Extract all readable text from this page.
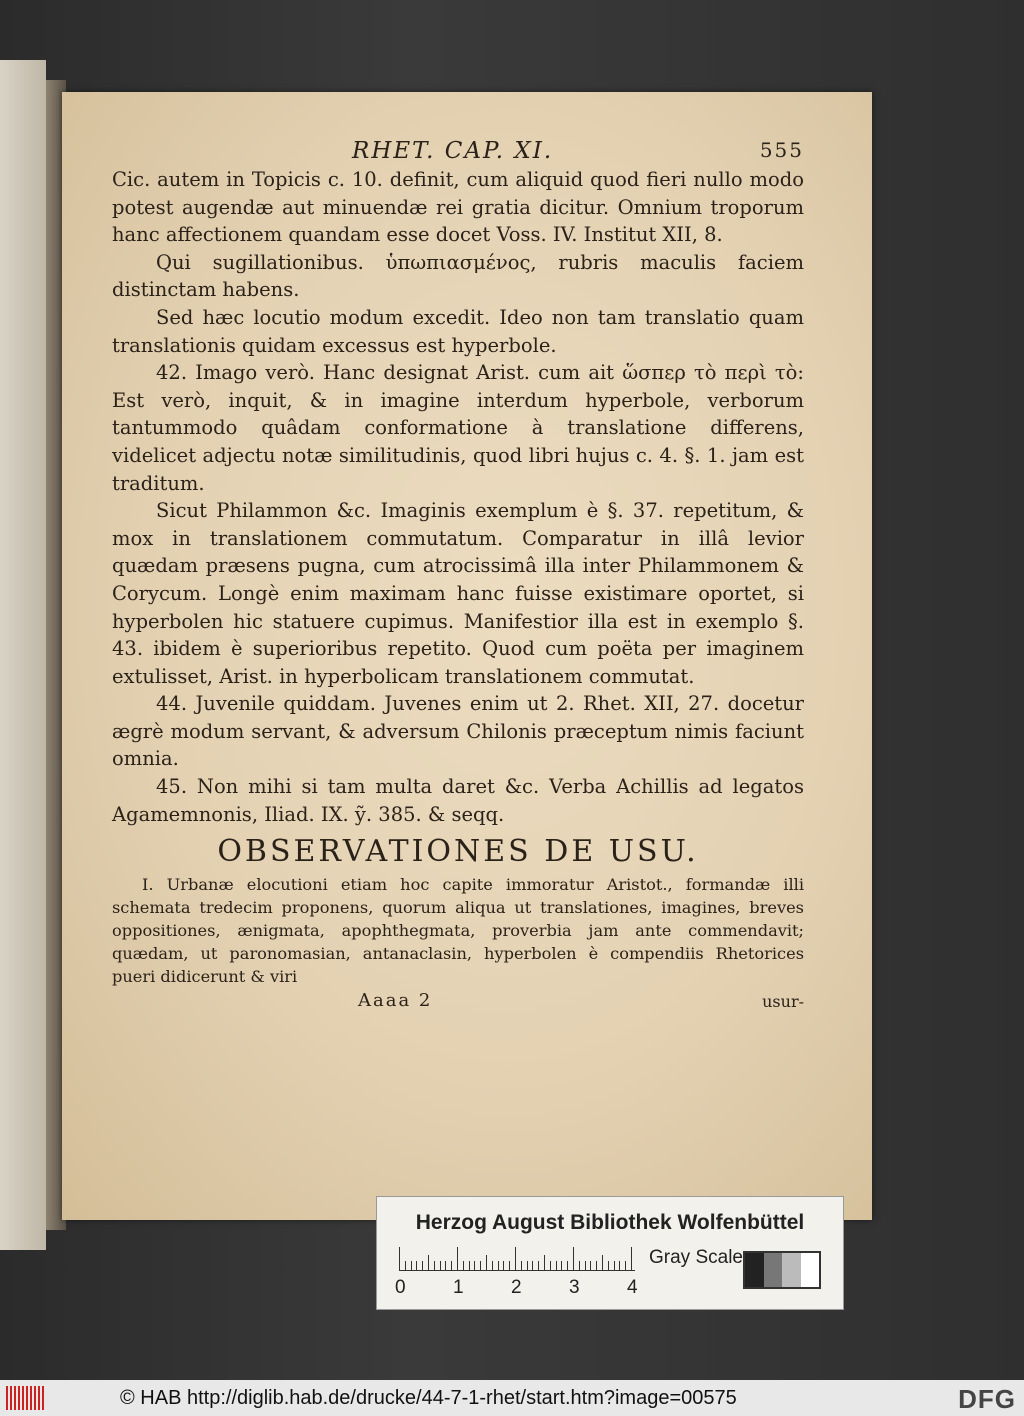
RHET. CAP. XI.	555
Cic. autem in Topicis c. 10. definit, cum aliquid quod fieri nullo modo potest augendæ aut minuendæ rei gratia dicitur. Omnium troporum hanc affectionem quandam esse docet Voss. IV. Institut XII, 8.
Qui sugillationibus. ὑπωπιασμένος, rubris maculis faciem distinctam habens.
Sed hæc locutio modum excedit. Ideo non tam translatio quam translationis quidam excessus est hyperbole.
42. Imago verò. Hanc designat Arist. cum ait ὥσπερ τὸ περὶ τὸ: Est verò, inquit, & in imagine interdum hyperbole, verborum tantummodo quâdam conformatione à translatione differens, videlicet adjectu notæ similitudinis, quod libri hujus c. 4. §. 1. jam est traditum.
Sicut Philammon &c. Imaginis exemplum è §. 37. repetitum, & mox in translationem commutatum. Comparatur in illâ levior quædam præsens pugna, cum atrocissimâ illa inter Philammonem & Corycum. Longè enim maximam hanc fuisse existimare oportet, si hyperbolen hic statuere cupimus. Manifestior illa est in exemplo §. 43. ibidem è superioribus repetito. Quod cum poëta per imaginem extulisset, Arist. in hyperbolicam translationem commutat.
44. Juvenile quiddam. Juvenes enim ut 2. Rhet. XII, 27. docetur ægrè modum servant, & adversum Chilonis præceptum nimis faciunt omnia.
45. Non mihi si tam multa daret &c. Verba Achillis ad legatos Agamemnonis, Iliad. IX. ỹ. 385. & seqq.
OBSERVATIONES DE USU.
I. Urbanæ elocutioni etiam hoc capite immoratur Aristot., formandæ illi schemata tredecim proponens, quorum aliqua ut translationes, imagines, breves oppositiones, ænigmata, apophthegmata, proverbia jam ante commendavit; quædam, ut paronomasian, antanaclasin, hyperbolen è compendiis Rhetorices pueri didicerunt & viri
Aaaa 2	usur-
Herzog August Bibliothek Wolfenbüttel
0 1 2 3 4
Gray Scale
© HAB http://diglib.hab.de/drucke/44-7-1-rhet/start.htm?image=00575	DFG
